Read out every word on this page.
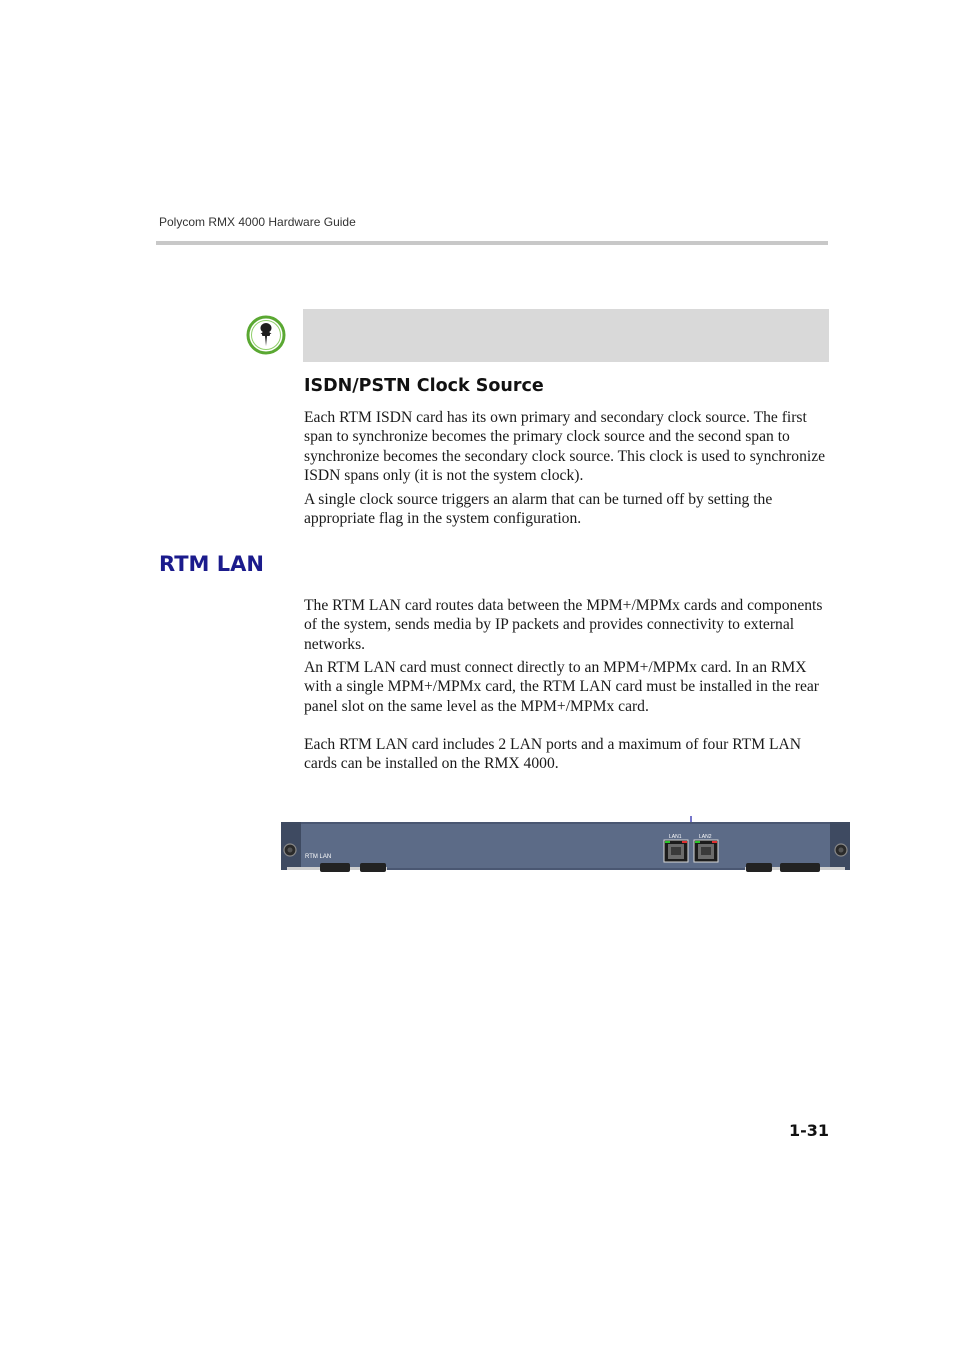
Polycom RMX 4000 Hardware Guide
ISDN/PSTN Clock Source

Each RTM ISDN card has its own primary and secondary clock source. The first span to synchronize becomes the primary clock source and the second span to synchronize becomes the secondary clock source. This clock is used to synchronize ISDN spans only (it is not the system clock).

A single clock source triggers an alarm that can be turned off by setting the appropriate flag in the system configuration.

RTM LAN

The RTM LAN card routes data between the MPM+/MPMx cards and components of the system, sends media by IP packets and provides connectivity to external networks.

An RTM LAN card must connect directly to an MPM+/MPMx card. In an RMX with a single MPM+/MPMx card, the RTM LAN card must be installed in the rear panel slot on the same level as the MPM+/MPMx card.

Each RTM LAN card includes 2 LAN ports and a maximum of four RTM LAN cards can be installed on the RMX 4000.

RTM LAN
LAN1	LAN2
1-31
